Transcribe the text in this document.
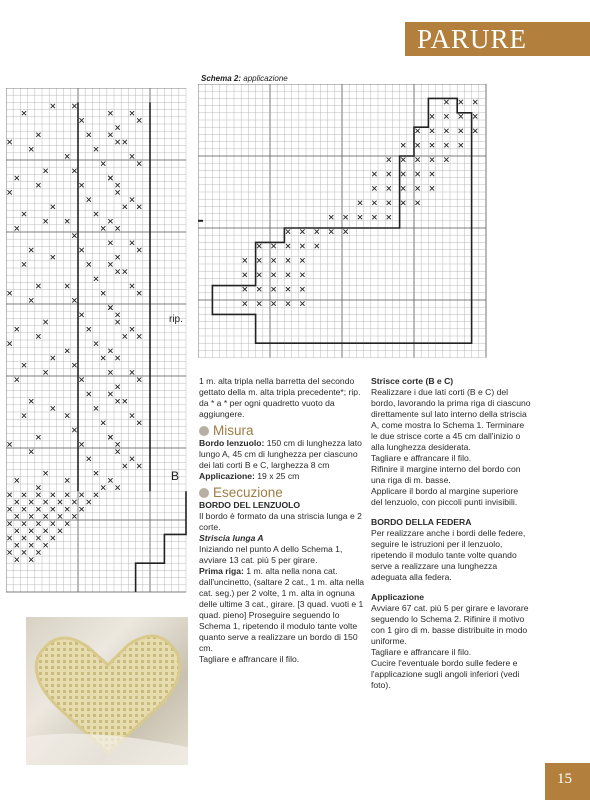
PARURE
rip.
B
Schema 2: applicazione

1 m. alta tripla nella barretta del secondo gettato della m. alta tripla precedente*; rip. da * a * per ogni quadretto vuoto da aggiungere.

Misura

Bordo lenzuolo: 150 cm di lunghezza lato lungo A, 45 cm di lunghezza per ciascuno dei lati corti B e C, larghezza 8 cm

Applicazione: 19 x 25 cm

Esecuzione

BORDO DEL LENZUOLO

Il bordo è formato da una striscia lunga e 2 corte.

Striscia lunga A

Iniziando nel punto A dello Schema 1, avviare 13 cat. più 5 per girare.

Prima riga: 1 m. alta nella nona cat. dall'uncinetto, (saltare 2 cat., 1 m. alta nella cat. seg.) per 2 volte, 1 m. alta in ognuna delle ultime 3 cat., girare. [3 quad. vuoti e 1 quad. pieno] Proseguire seguendo lo Schema 1, ripetendo il modulo tante volte quanto serve a realizzare un bordo di 150 cm.

Tagliare e affrancare il filo.

Strisce corte (B e C)

Realizzare i due lati corti (B e C) del bordo, lavorando la prima riga di ciascuno direttamente sul lato interno della striscia A, come mostra lo Schema 1. Terminare le due strisce corte a 45 cm dall'inizio o alla lunghezza desiderata.

Tagliare e affrancare il filo.

Rifinire il margine interno del bordo con una riga di m. basse.

Applicare il bordo al margine superiore del lenzuolo, con piccoli punti invisibili.

BORDO DELLA FEDERA

Per realizzare anche i bordi delle federe, seguire le istruzioni per il lenzuolo, ripetendo il modulo tante volte quando serve a realizzare una lunghezza adeguata alla federa.

Applicazione

Avviare 67 cat. più 5 per girare e lavorare seguendo lo Schema 2. Rifinire il motivo con 1 giro di m. basse distribuite in modo uniforme.

Tagliare e affrancare il filo.

Cucire l'eventuale bordo sulle federe e l'applicazione sugli angoli inferiori (vedi foto).

15
PassionForum.ru
